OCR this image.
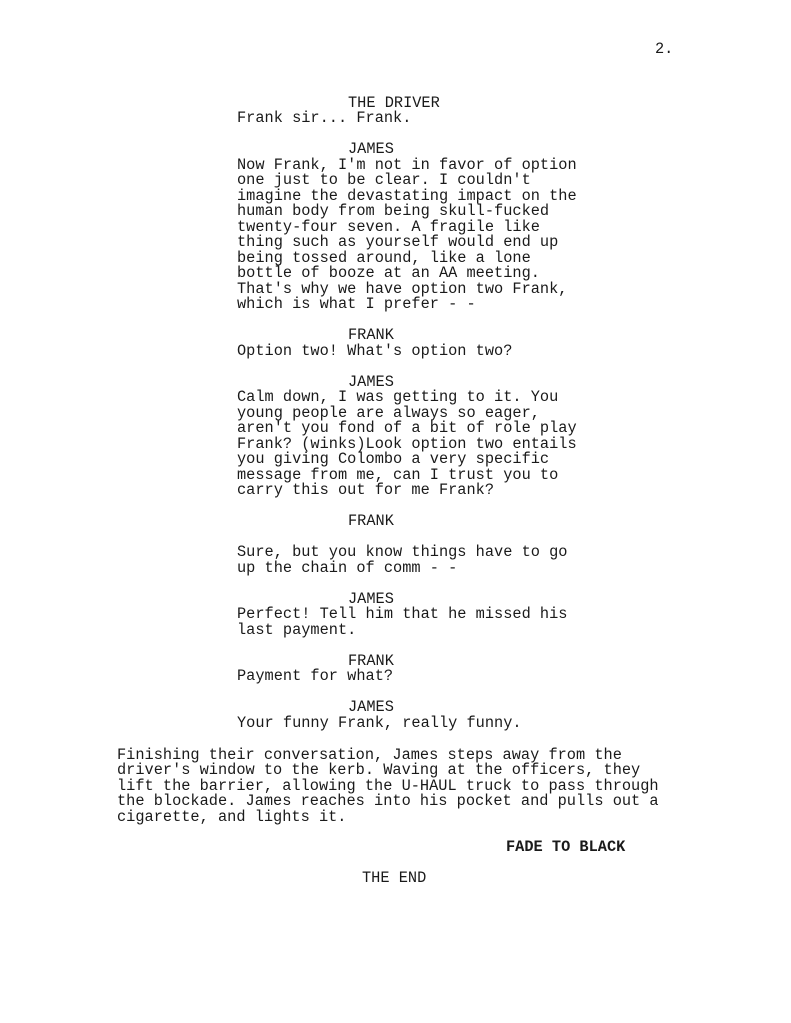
2.
THE DRIVER
Frank sir... Frank.
JAMES
Now Frank, I'm not in favor of option
one just to be clear. I couldn't
imagine the devastating impact on the
human body from being skull-fucked
twenty-four seven. A fragile like
thing such as yourself would end up
being tossed around, like a lone
bottle of booze at an AA meeting.
That's why we have option two Frank,
which is what I prefer - -
FRANK
Option two! What's option two?
JAMES
Calm down, I was getting to it. You
young people are always so eager,
aren't you fond of a bit of role play
Frank? (winks)Look option two entails
you giving Colombo a very specific
message from me, can I trust you to
carry this out for me Frank?
FRANK
Sure, but you know things have to go
up the chain of comm - -
JAMES
Perfect! Tell him that he missed his
last payment.
FRANK
Payment for what?
JAMES
Your funny Frank, really funny.
Finishing their conversation, James steps away from the
driver's window to the kerb. Waving at the officers, they
lift the barrier, allowing the U-HAUL truck to pass through
the blockade. James reaches into his pocket and pulls out a
cigarette, and lights it.
FADE TO BLACK
THE END
